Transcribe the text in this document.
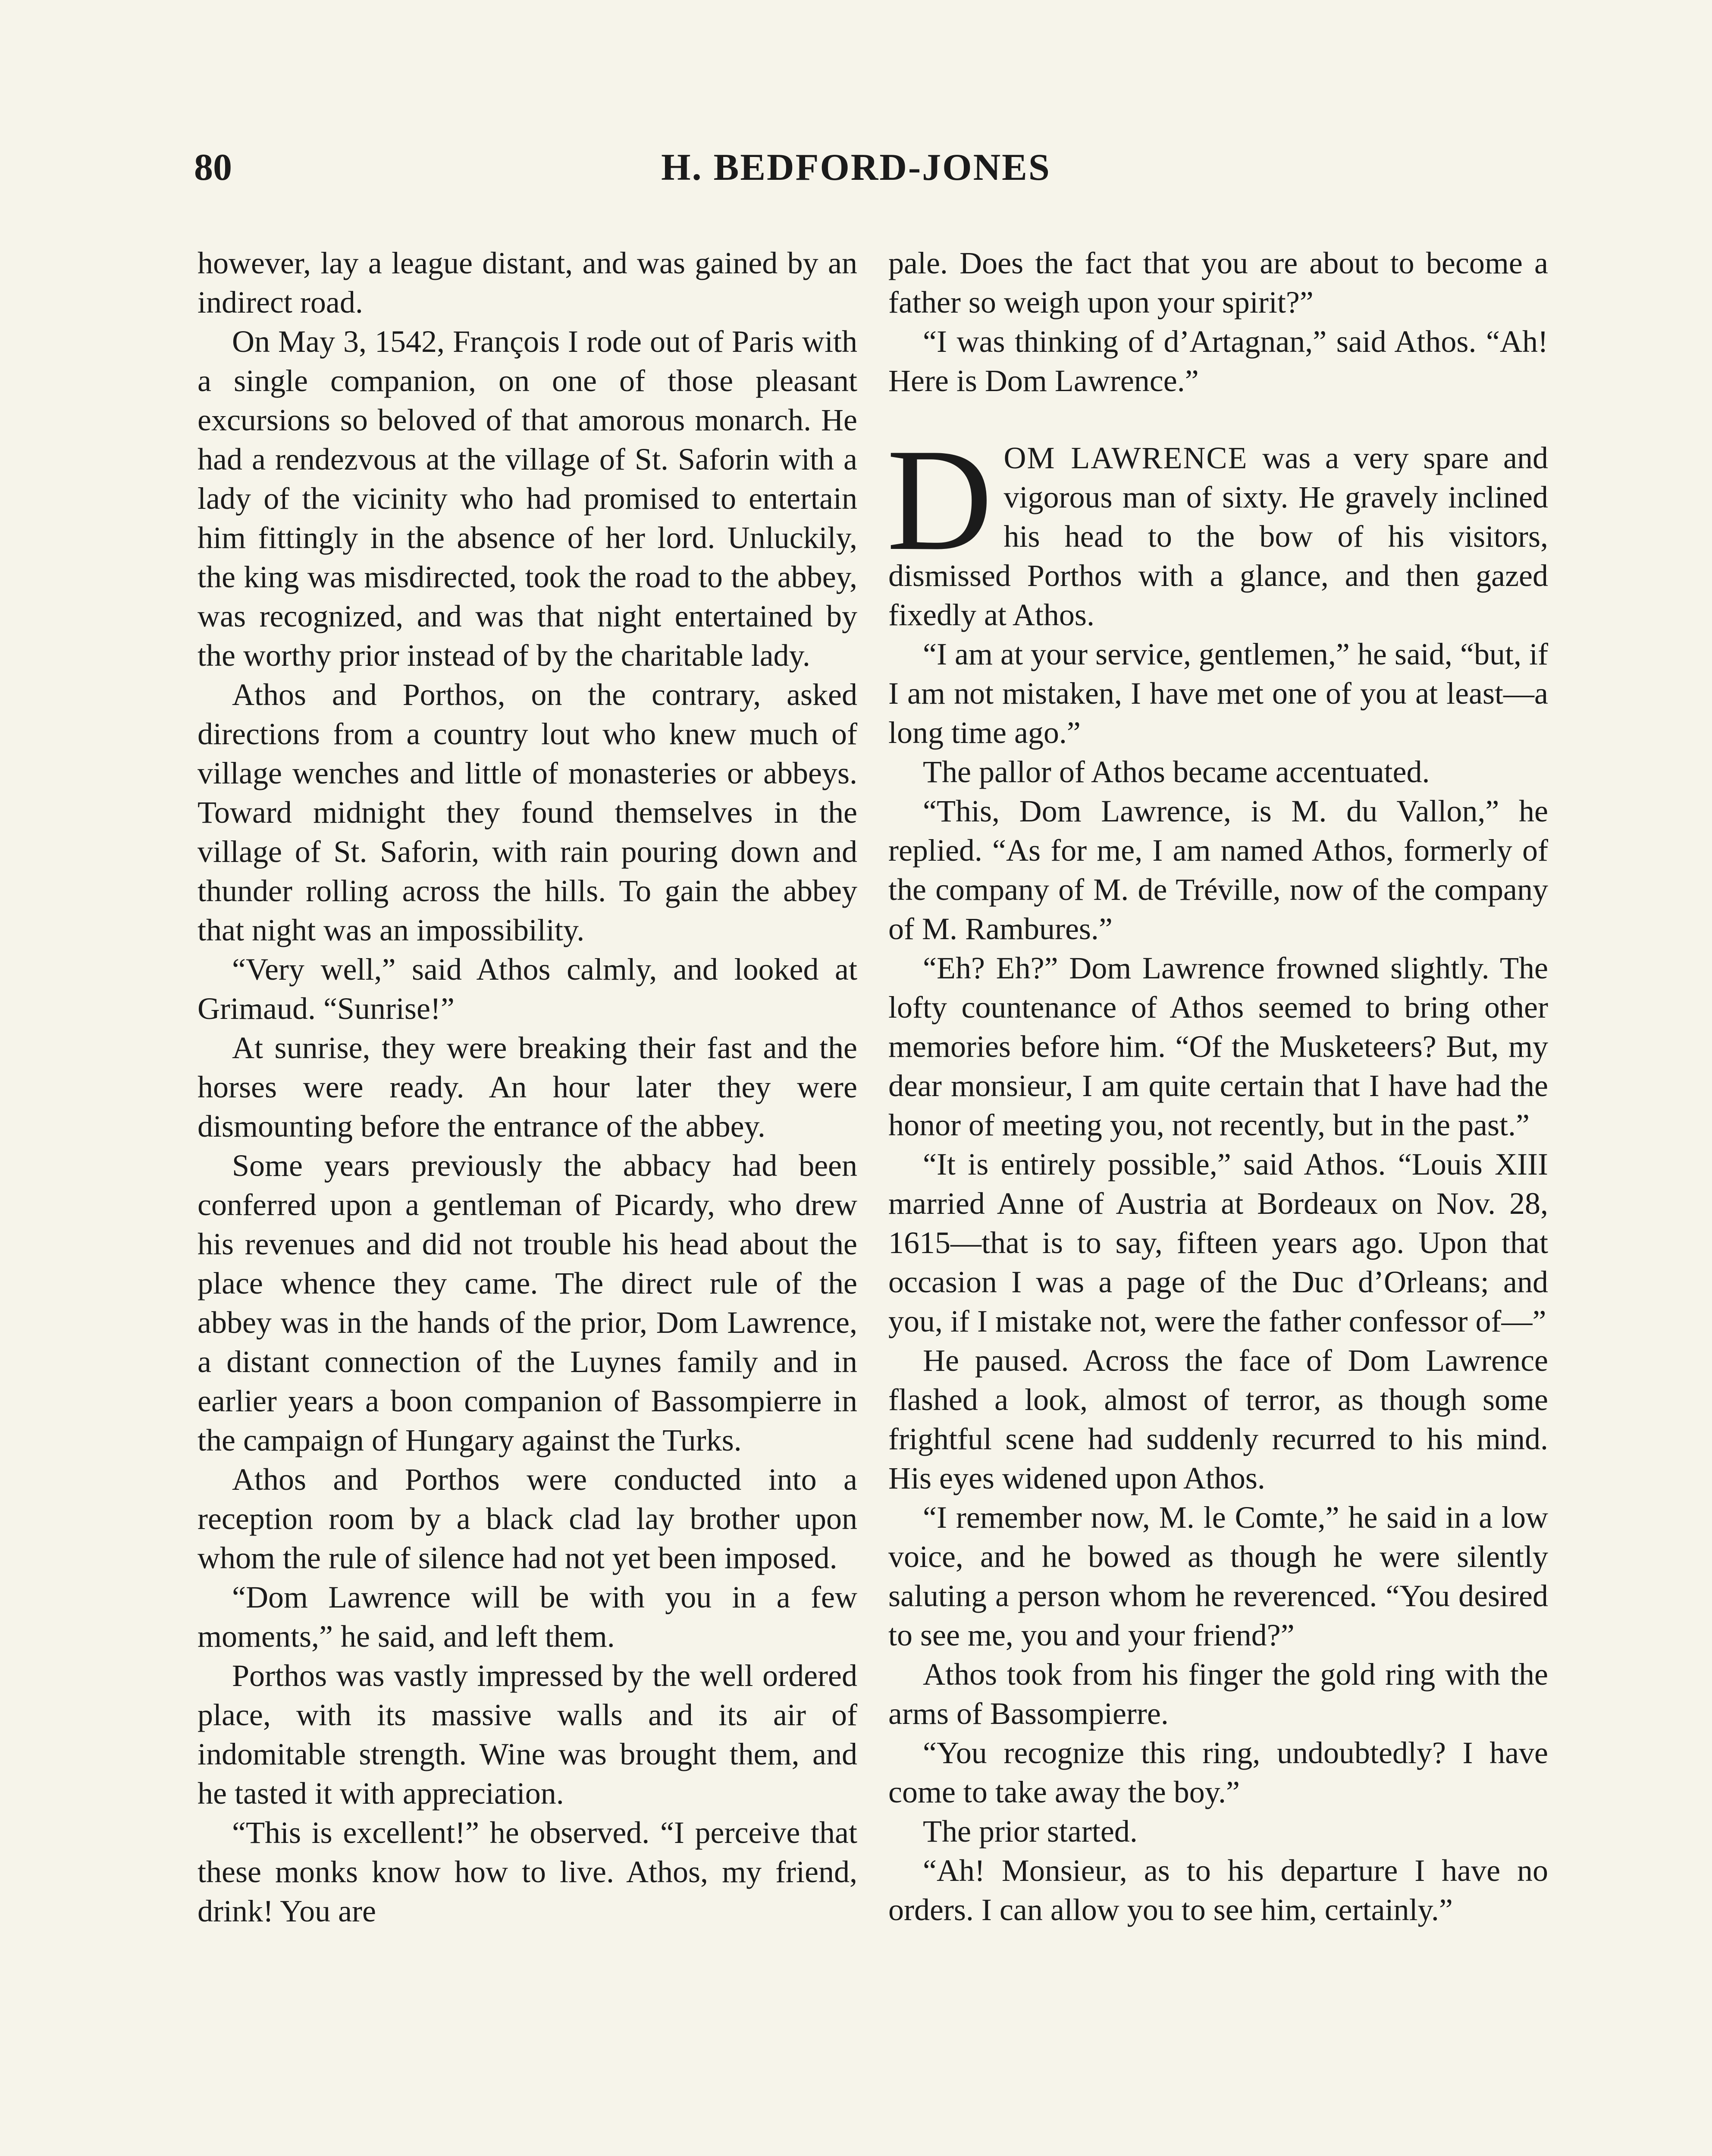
80	H. BEDFORD-JONES

however, lay a league distant, and was gained by an indirect road.

On May 3, 1542, François I rode out of Paris with a single companion, on one of those pleasant excursions so beloved of that amorous monarch. He had a rendezvous at the village of St. Saforin with a lady of the vicinity who had promised to entertain him fittingly in the absence of her lord. Unluckily, the king was misdirected, took the road to the abbey, was recognized, and was that night entertained by the worthy prior instead of by the charitable lady.

Athos and Porthos, on the contrary, asked directions from a country lout who knew much of village wenches and little of monasteries or abbeys. Toward midnight they found themselves in the village of St. Saforin, with rain pouring down and thunder rolling across the hills. To gain the abbey that night was an impossibility.

“Very well,” said Athos calmly, and looked at Grimaud. “Sunrise!”

At sunrise, they were breaking their fast and the horses were ready. An hour later they were dismounting before the entrance of the abbey.

Some years previously the abbacy had been conferred upon a gentleman of Picardy, who drew his revenues and did not trouble his head about the place whence they came. The direct rule of the abbey was in the hands of the prior, Dom Lawrence, a distant connection of the Luynes family and in earlier years a boon companion of Bassompierre in the campaign of Hungary against the Turks.

Athos and Porthos were conducted into a reception room by a black clad lay brother upon whom the rule of silence had not yet been imposed.

“Dom Lawrence will be with you in a few moments,” he said, and left them.

Porthos was vastly impressed by the well ordered place, with its massive walls and its air of indomitable strength. Wine was brought them, and he tasted it with appreciation.

“This is excellent!” he observed. “I perceive that these monks know how to live. Athos, my friend, drink! You are

pale. Does the fact that you are about to become a father so weigh upon your spirit?”

“I was thinking of d’Artagnan,” said Athos. “Ah! Here is Dom Lawrence.”

DOM LAWRENCE was a very spare and vigorous man of sixty. He gravely inclined his head to the bow of his visitors, dismissed Porthos with a glance, and then gazed fixedly at Athos.

“I am at your service, gentlemen,” he said, “but, if I am not mistaken, I have met one of you at least—a long time ago.”

The pallor of Athos became accentuated.

“This, Dom Lawrence, is M. du Vallon,” he replied. “As for me, I am named Athos, formerly of the company of M. de Tréville, now of the company of M. Rambures.”

“Eh? Eh?” Dom Lawrence frowned slightly. The lofty countenance of Athos seemed to bring other memories before him. “Of the Musketeers? But, my dear monsieur, I am quite certain that I have had the honor of meeting you, not recently, but in the past.”

“It is entirely possible,” said Athos. “Louis XIII married Anne of Austria at Bordeaux on Nov. 28, 1615—that is to say, fifteen years ago. Upon that occasion I was a page of the Duc d’Orleans; and you, if I mistake not, were the father confessor of—”

He paused. Across the face of Dom Lawrence flashed a look, almost of terror, as though some frightful scene had suddenly recurred to his mind. His eyes widened upon Athos.

“I remember now, M. le Comte,” he said in a low voice, and he bowed as though he were silently saluting a person whom he reverenced. “You desired to see me, you and your friend?”

Athos took from his finger the gold ring with the arms of Bassompierre.

“You recognize this ring, undoubtedly? I have come to take away the boy.”

The prior started.

“Ah! Monsieur, as to his departure I have no orders. I can allow you to see him, certainly.”
